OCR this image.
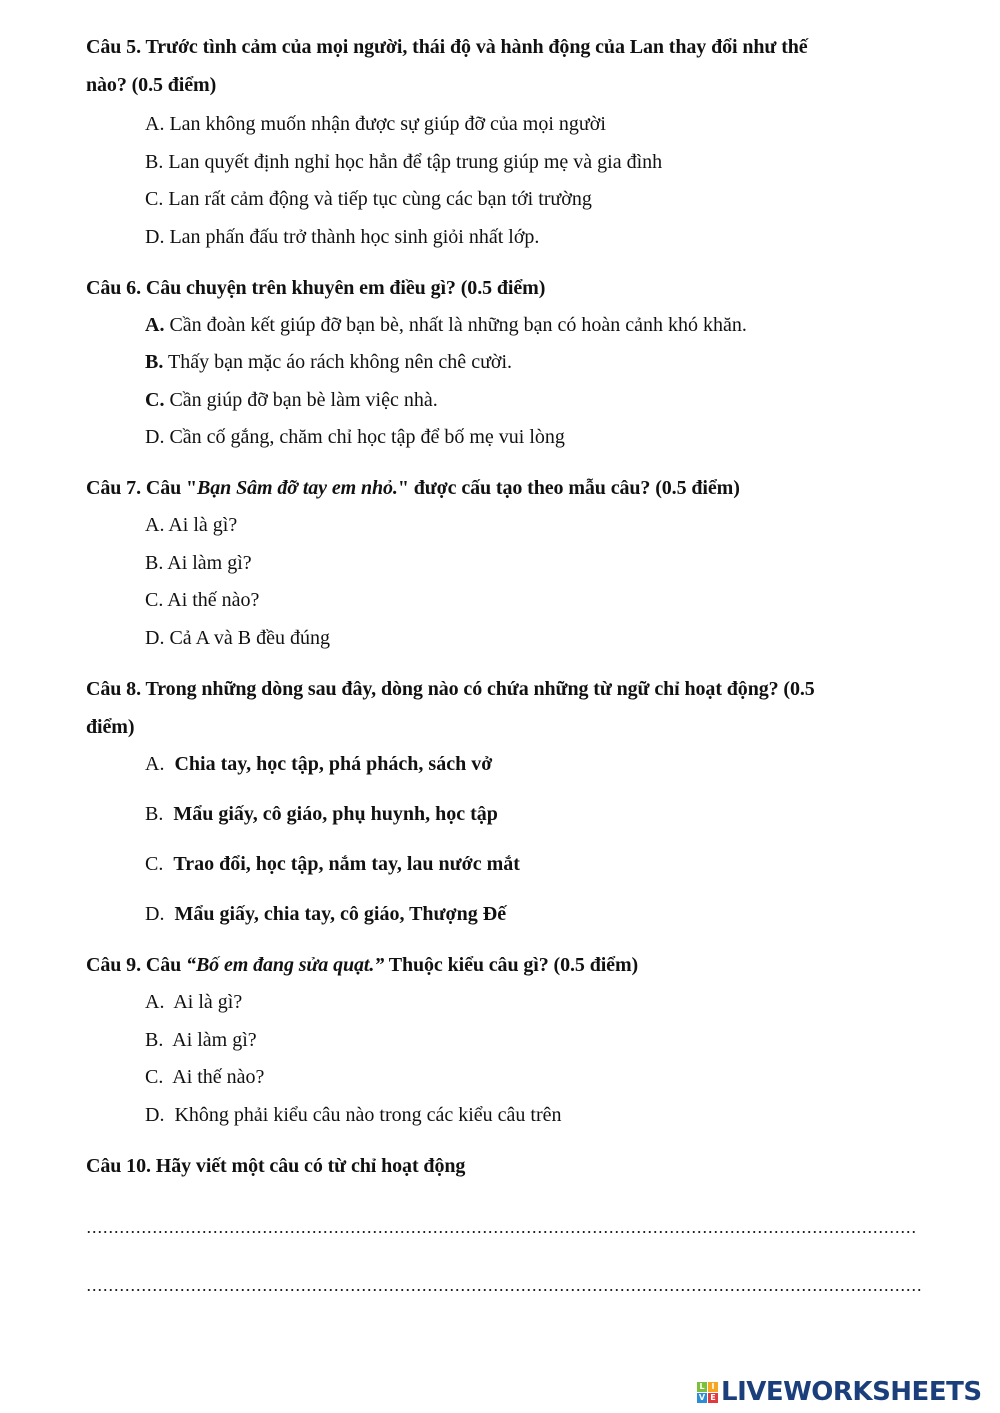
Câu 5. Trước tình cảm của mọi người, thái độ và hành động của Lan thay đổi như thế
nào? (0.5 điểm)
A. Lan không muốn nhận được sự giúp đỡ của mọi người
B. Lan quyết định nghỉ học hẳn để tập trung giúp mẹ và gia đình
C. Lan rất cảm động và tiếp tục cùng các bạn tới trường
D. Lan phấn đấu trở thành học sinh giỏi nhất lớp.
Câu 6. Câu chuyện trên khuyên em điều gì? (0.5 điểm)
A. Cần đoàn kết giúp đỡ bạn bè, nhất là những bạn có hoàn cảnh khó khăn.
B. Thấy bạn mặc áo rách không nên chê cười.
C. Cần giúp đỡ bạn bè làm việc nhà.
D. Cần cố gắng, chăm chỉ học tập để bố mẹ vui lòng
Câu 7. Câu "Bạn Sâm đỡ tay em nhỏ." được cấu tạo theo mẫu câu? (0.5 điểm)
A. Ai là gì?
B. Ai làm gì?
C. Ai thế nào?
D. Cả A và B đều đúng
Câu 8. Trong những dòng sau đây, dòng nào có chứa những từ ngữ chỉ hoạt động? (0.5
điểm)
A. Chia tay, học tập, phá phách, sách vở
B. Mẩu giấy, cô giáo, phụ huynh, học tập
C. Trao đổi, học tập, nắm tay, lau nước mắt
D. Mẩu giấy, chia tay, cô giáo, Thượng Đế
Câu 9. Câu “Bố em đang sửa quạt.” Thuộc kiểu câu gì? (0.5 điểm)
A. Ai là gì?
B. Ai làm gì?
C. Ai thế nào?
D. Không phải kiểu câu nào trong các kiểu câu trên
Câu 10. Hãy viết một câu có từ chỉ hoạt động
L I
V E LIVEWORKSHEETS
